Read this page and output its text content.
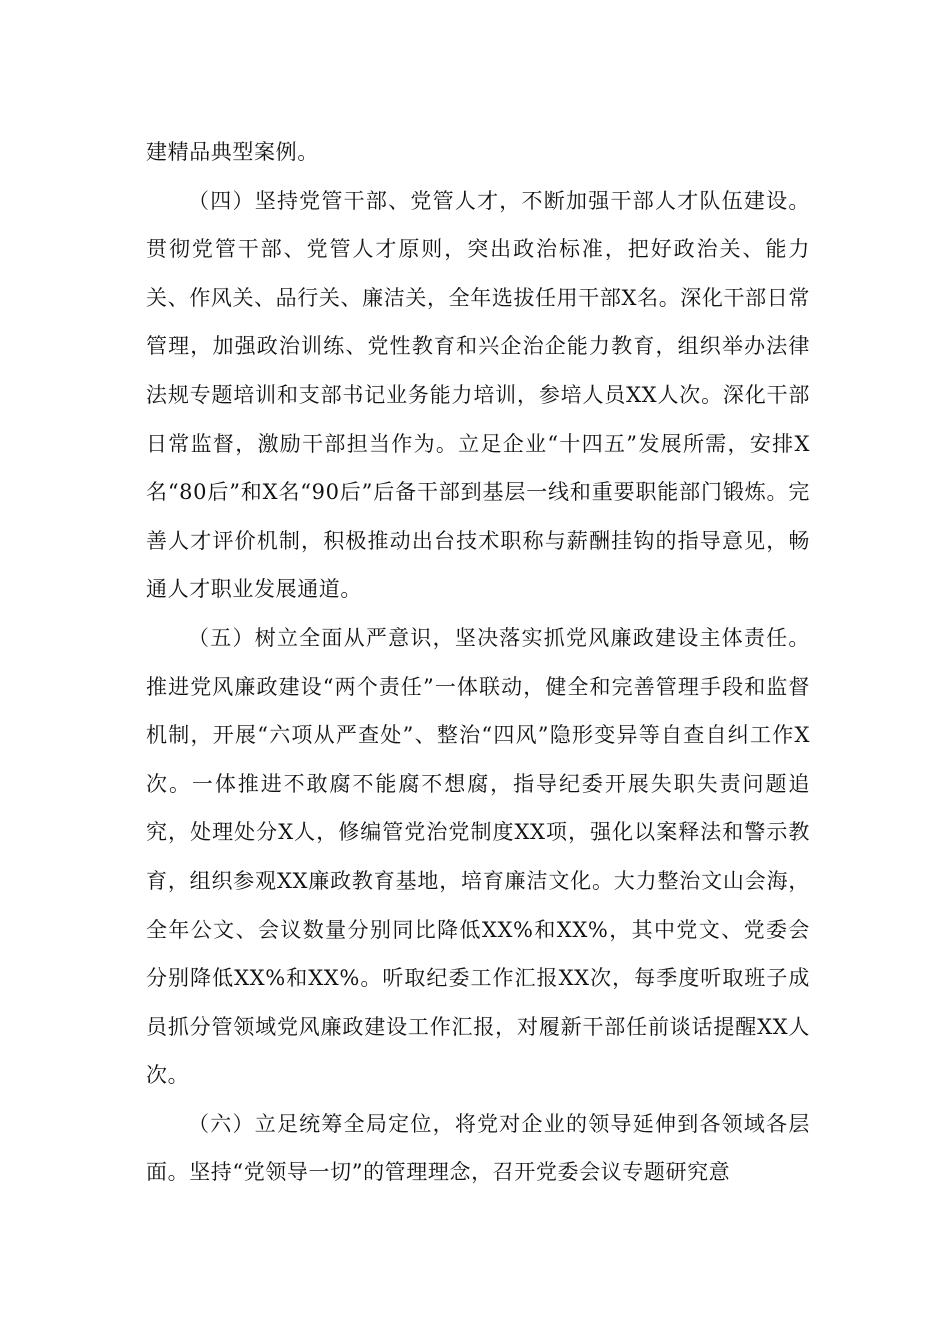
建精品典型案例。

（四）坚持党管干部、党管人才，不断加强干部人才队伍建设。贯彻党管干部、党管人才原则，突出政治标准，把好政治关、能力关、作风关、品行关、廉洁关，全年选拔任用干部X名。深化干部日常管理，加强政治训练、党性教育和兴企治企能力教育，组织举办法律法规专题培训和支部书记业务能力培训，参培人员XX人次。深化干部日常监督，激励干部担当作为。立足企业“十四五”发展所需，安排X名“80后”和X名“90后”后备干部到基层一线和重要职能部门锻炼。完善人才评价机制，积极推动出台技术职称与薪酬挂钩的指导意见，畅通人才职业发展通道。

（五）树立全面从严意识，坚决落实抓党风廉政建设主体责任。推进党风廉政建设“两个责任”一体联动，健全和完善管理手段和监督机制，开展“六项从严查处”、整治“四风”隐形变异等自查自纠工作X次。一体推进不敢腐不能腐不想腐，指导纪委开展失职失责问题追究，处理处分X人，修编管党治党制度XX项，强化以案释法和警示教育，组织参观XX廉政教育基地，培育廉洁文化。大力整治文山会海，全年公文、会议数量分别同比降低XX%和XX%，其中党文、党委会分别降低XX%和XX%。听取纪委工作汇报XX次，每季度听取班子成员抓分管领域党风廉政建设工作汇报，对履新干部任前谈话提醒XX人次。

（六）立足统筹全局定位，将党对企业的领导延伸到各领域各层面。坚持“党领导一切”的管理理念，召开党委会议专题研究意
